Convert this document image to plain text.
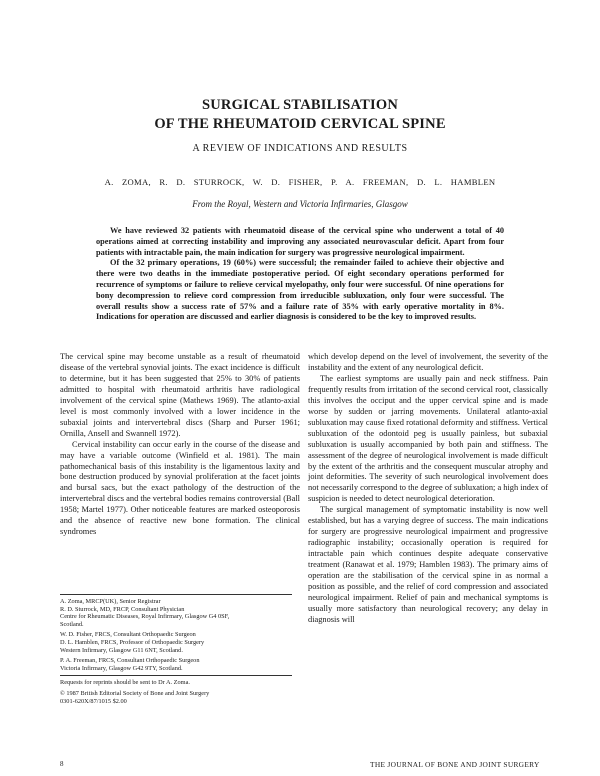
SURGICAL STABILISATION
OF THE RHEUMATOID CERVICAL SPINE
A REVIEW OF INDICATIONS AND RESULTS
A. ZOMA, R. D. STURROCK, W. D. FISHER, P. A. FREEMAN, D. L. HAMBLEN
From the Royal, Western and Victoria Infirmaries, Glasgow

We have reviewed 32 patients with rheumatoid disease of the cervical spine who underwent a total of 40 operations aimed at correcting instability and improving any associated neurovascular deficit. Apart from four patients with intractable pain, the main indication for surgery was progressive neurological impairment.

Of the 32 primary operations, 19 (60%) were successful; the remainder failed to achieve their objective and there were two deaths in the immediate postoperative period. Of eight secondary operations performed for recurrence of symptoms or failure to relieve cervical myelopathy, only four were successful. Of nine operations for bony decompression to relieve cord compression from irreducible subluxation, only four were successful. The overall results show a success rate of 57% and a failure rate of 35% with early operative mortality in 8%. Indications for operation are discussed and earlier diagnosis is considered to be the key to improved results.

The cervical spine may become unstable as a result of rheumatoid disease of the vertebral synovial joints. The exact incidence is difficult to determine, but it has been suggested that 25% to 30% of patients admitted to hospital with rheumatoid arthritis have radiological involvement of the cervical spine (Mathews 1969). The atlanto-axial level is most commonly involved with a lower incidence in the subaxial joints and intervertebral discs (Sharp and Purser 1961; Ornilla, Ansell and Swannell 1972).

Cervical instability can occur early in the course of the disease and may have a variable outcome (Winfield et al. 1981). The main pathomechanical basis of this instability is the ligamentous laxity and bone destruction produced by synovial proliferation at the facet joints and bursal sacs, but the exact pathology of the destruction of the intervertebral discs and the vertebral bodies remains controversial (Ball 1958; Martel 1977). Other noticeable features are marked osteoporosis and the absence of reactive new bone formation. The clinical syndromes

A. Zoma, MRCP(UK), Senior Registrar
R. D. Sturrock, MD, FRCP, Consultant Physician
Centre for Rheumatic Diseases, Royal Infirmary, Glasgow G4 0SF,
Scotland.
W. D. Fisher, FRCS, Consultant Orthopaedic Surgeon
D. L. Hamblen, FRCS, Professor of Orthopaedic Surgery
Western Infirmary, Glasgow G11 6NT, Scotland.
P. A. Freeman, FRCS, Consultant Orthopaedic Surgeon
Victoria Infirmary, Glasgow G42 9TY, Scotland.
Requests for reprints should be sent to Dr A. Zoma.
© 1987 British Editorial Society of Bone and Joint Surgery
0301-620X/87/1015 $2.00

which develop depend on the level of involvement, the severity of the instability and the extent of any neurological deficit.

The earliest symptoms are usually pain and neck stiffness. Pain frequently results from irritation of the second cervical root, classically this involves the occiput and the upper cervical spine and is made worse by sudden or jarring movements. Unilateral atlanto-axial subluxation may cause fixed rotational deformity and stiffness. Vertical subluxation of the odontoid peg is usually painless, but subaxial subluxation is usually accompanied by both pain and stiffness. The assessment of the degree of neurological involvement is made difficult by the extent of the arthritis and the consequent muscular atrophy and joint deformities. The severity of such neurological involvement does not necessarily correspond to the degree of subluxation; a high index of suspicion is needed to detect neurological deterioration.

The surgical management of symptomatic instability is now well established, but has a varying degree of success. The main indications for surgery are progressive neurological impairment and progressive radiographic instability; occasionally operation is required for intractable pain which continues despite adequate conservative treatment (Ranawat et al. 1979; Hamblen 1983). The primary aims of operation are the stabilisation of the cervical spine in as normal a position as possible, and the relief of cord compression and associated neurological impairment. Relief of pain and mechanical symptoms is usually more satisfactory than neurological recovery; any delay in diagnosis will

8	THE JOURNAL OF BONE AND JOINT SURGERY
